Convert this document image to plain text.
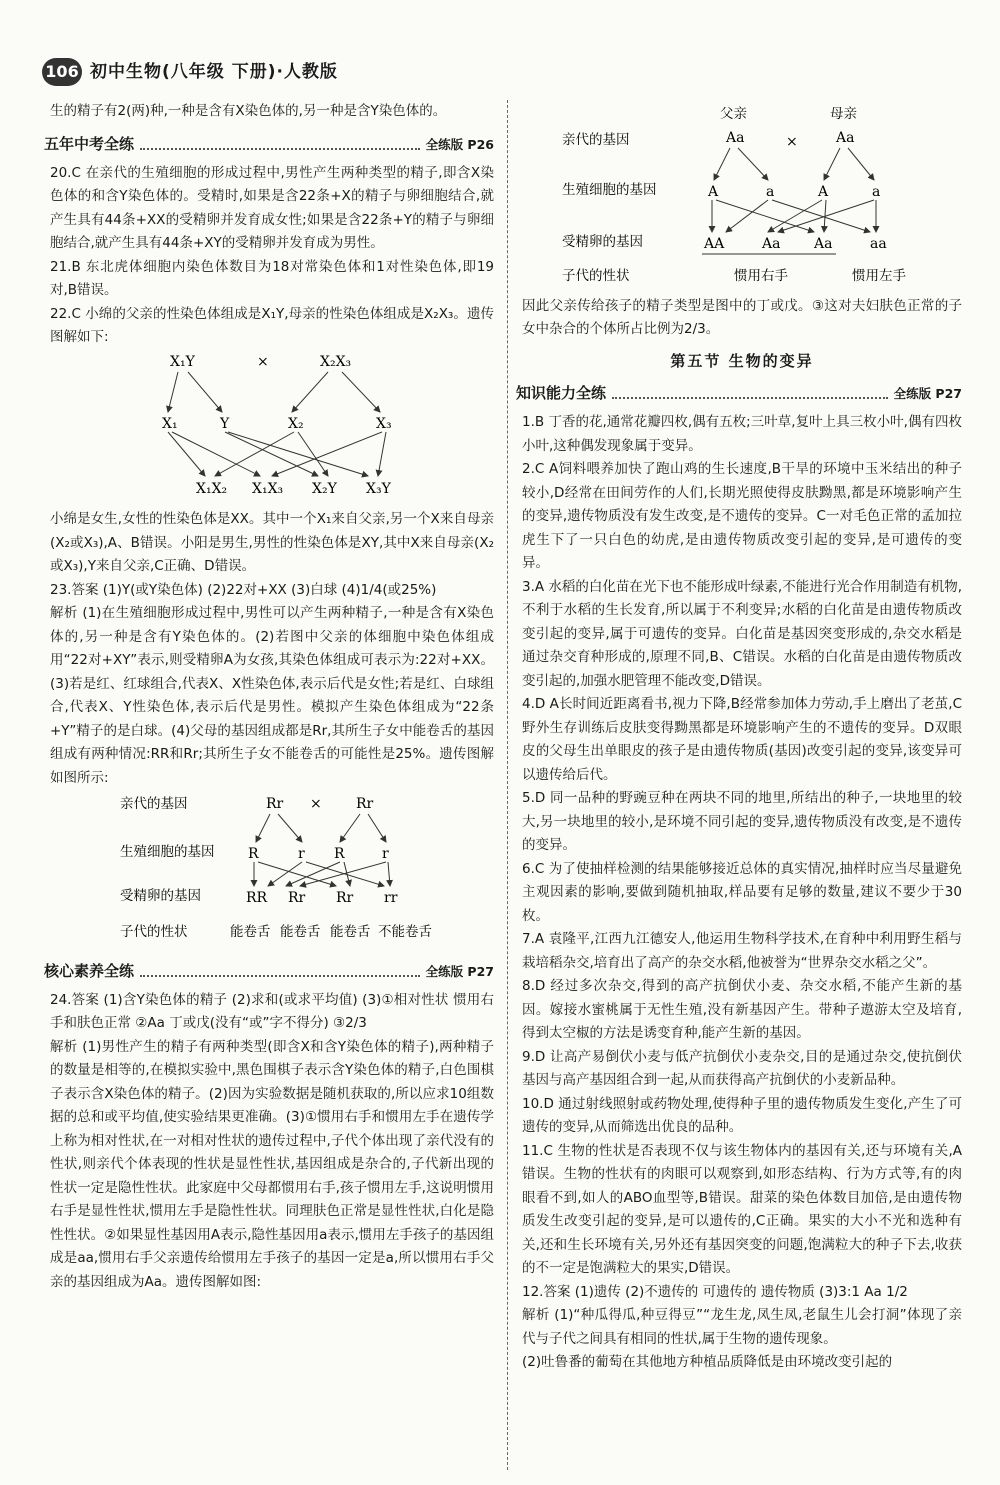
106 初中生物(八年级 下册)·人教版

生的精子有2(两)种,一种是含有X染色体的,另一种是含Y染色体的。

五年中考全练	全练版 P26

20.C 在亲代的生殖细胞的形成过程中,男性产生两种类型的精子,即含X染色体的和含Y染色体的。受精时,如果是含22条+X的精子与卵细胞结合,就产生具有44条+XX的受精卵并发育成女性;如果是含22条+Y的精子与卵细胞结合,就产生具有44条+XY的受精卵并发育成为男性。

21.B 东北虎体细胞内染色体数目为18对常染色体和1对性染色体,即19对,B错误。

22.C 小绵的父亲的性染色体组成是X₁Y,母亲的性染色体组成是X₂X₃。遗传图解如下:

X₁Y	×	X₂X₃
X₁	Y	X₂	X₃
X₁X₂ X₁X₃ X₂Y X₃Y

小绵是女生,女性的性染色体是XX。其中一个X₁来自父亲,另一个X来自母亲(X₂或X₃),A、B错误。小阳是男生,男性的性染色体是XY,其中X来自母亲(X₂或X₃),Y来自父亲,C正确、D错误。

23.答案 (1)Y(或Y染色体) (2)22对+XX (3)白球 (4)1/4(或25%)

解析 (1)在生殖细胞形成过程中,男性可以产生两种精子,一种是含有X染色体的,另一种是含有Y染色体的。(2)若图中父亲的体细胞中染色体组成用“22对+XY”表示,则受精卵A为女孩,其染色体组成可表示为:22对+XX。(3)若是红、红球组合,代表X、X性染色体,表示后代是女性;若是红、白球组合,代表X、Y性染色体,表示后代是男性。模拟产生染色体组成为“22条+Y”精子的是白球。(4)父母的基因组成都是Rr,其所生子女中能卷舌的基因组成有两种情况:RR和Rr;其所生子女不能卷舌的可能性是25%。遗传图解如图所示:

亲代的基因
生殖细胞的基因
受精卵的基因
子代的性状
Rr × Rr
R	r R	r
RR Rr Rr rr
能卷舌 能卷舌 能卷舌 不能卷舌
核心素养全练	全练版 P27

24.答案 (1)含Y染色体的精子 (2)求和(或求平均值) (3)①相对性状 惯用右手和肤色正常 ②Aa 丁或戊(没有“或”字不得分) ③2/3

解析 (1)男性产生的精子有两种类型(即含X和含Y染色体的精子),两种精子的数量是相等的,在模拟实验中,黑色围棋子表示含Y染色体的精子,白色围棋子表示含X染色体的精子。(2)因为实验数据是随机获取的,所以应求10组数据的总和或平均值,使实验结果更准确。(3)①惯用右手和惯用左手在遗传学上称为相对性状,在一对相对性状的遗传过程中,子代个体出现了亲代没有的性状,则亲代个体表现的性状是显性性状,基因组成是杂合的,子代新出现的性状一定是隐性性状。此家庭中父母都惯用右手,孩子惯用左手,这说明惯用右手是显性性状,惯用左手是隐性性状。同理肤色正常是显性性状,白化是隐性性状。②如果显性基因用A表示,隐性基因用a表示,惯用左手孩子的基因组成是aa,惯用右手父亲遗传给惯用左手孩子的基因一定是a,所以惯用右手父亲的基因组成为Aa。遗传图解如图:

父亲	母亲
亲代的基因
生殖细胞的基因
受精卵的基因
子代的性状
Aa	×	Aa
A	a	A	a
AA	Aa Aa	aa
惯用右手	惯用左手

因此父亲传给孩子的精子类型是图中的丁或戊。③这对夫妇肤色正常的子女中杂合的个体所占比例为2/3。

第五节 生物的变异
知识能力全练	全练版 P27

1.B 丁香的花,通常花瓣四枚,偶有五枚;三叶草,复叶上具三枚小叶,偶有四枚小叶,这种偶发现象属于变异。

2.C A饲料喂养加快了跑山鸡的生长速度,B干旱的环境中玉米结出的种子较小,D经常在田间劳作的人们,长期光照使得皮肤黝黑,都是环境影响产生的变异,遗传物质没有发生改变,是不遗传的变异。C一对毛色正常的孟加拉虎生下了一只白色的幼虎,是由遗传物质改变引起的变异,是可遗传的变异。

3.A 水稻的白化苗在光下也不能形成叶绿素,不能进行光合作用制造有机物,不利于水稻的生长发育,所以属于不利变异;水稻的白化苗是由遗传物质改变引起的变异,属于可遗传的变异。白化苗是基因突变形成的,杂交水稻是通过杂交育种形成的,原理不同,B、C错误。水稻的白化苗是由遗传物质改变引起的,加强水肥管理不能改变,D错误。

4.D A长时间近距离看书,视力下降,B经常参加体力劳动,手上磨出了老茧,C野外生存训练后皮肤变得黝黑都是环境影响产生的不遗传的变异。D双眼皮的父母生出单眼皮的孩子是由遗传物质(基因)改变引起的变异,该变异可以遗传给后代。

5.D 同一品种的野豌豆种在两块不同的地里,所结出的种子,一块地里的较大,另一块地里的较小,是环境不同引起的变异,遗传物质没有改变,是不遗传的变异。

6.C 为了使抽样检测的结果能够接近总体的真实情况,抽样时应当尽量避免主观因素的影响,要做到随机抽取,样品要有足够的数量,建议不要少于30枚。

7.A 袁隆平,江西九江德安人,他运用生物科学技术,在育种中利用野生稻与栽培稻杂交,培育出了高产的杂交水稻,他被誉为“世界杂交水稻之父”。

8.D 经过多次杂交,得到的高产抗倒伏小麦、杂交水稻,不能产生新的基因。嫁接水蜜桃属于无性生殖,没有新基因产生。带种子遨游太空及培育,得到太空椒的方法是诱变育种,能产生新的基因。

9.D 让高产易倒伏小麦与低产抗倒伏小麦杂交,目的是通过杂交,使抗倒伏基因与高产基因组合到一起,从而获得高产抗倒伏的小麦新品种。

10.D 通过射线照射或药物处理,使得种子里的遗传物质发生变化,产生了可遗传的变异,从而筛选出优良的品种。

11.C 生物的性状是否表现不仅与该生物体内的基因有关,还与环境有关,A错误。生物的性状有的肉眼可以观察到,如形态结构、行为方式等,有的肉眼看不到,如人的ABO血型等,B错误。甜菜的染色体数目加倍,是由遗传物质发生改变引起的变异,是可以遗传的,C正确。果实的大小不光和选种有关,还和生长环境有关,另外还有基因突变的问题,饱满粒大的种子下去,收获的不一定是饱满粒大的果实,D错误。

12.答案 (1)遗传 (2)不遗传的 可遗传的 遗传物质 (3)3:1 Aa 1/2

解析 (1)“种瓜得瓜,种豆得豆”“龙生龙,凤生凤,老鼠生儿会打洞”体现了亲代与子代之间具有相同的性状,属于生物的遗传现象。

(2)吐鲁番的葡萄在其他地方种植品质降低是由环境改变引起的
